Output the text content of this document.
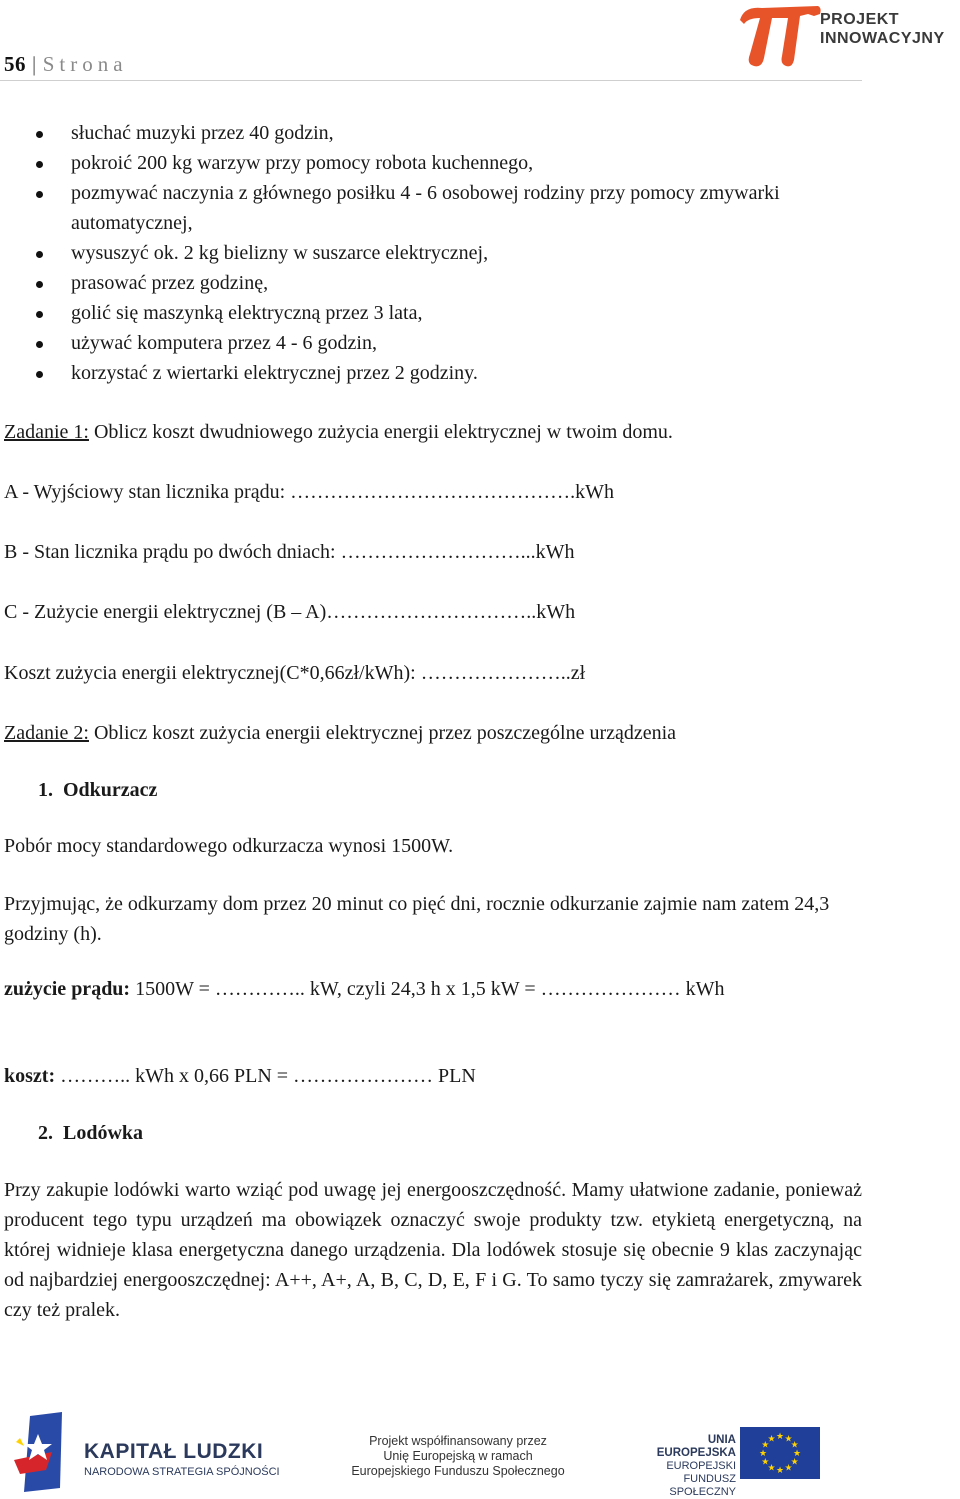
56 | Strona
PROJEKT
INNOWACYJNY
słuchać muzyki przez 40 godzin,
pokroić 200 kg warzyw przy pomocy robota kuchennego,
pozmywać naczynia z głównego posiłku 4 - 6 osobowej rodziny przy pomocy zmywarki automatycznej,
wysuszyć ok. 2 kg bielizny w suszarce elektrycznej,
prasować przez godzinę,
golić się maszynką elektryczną przez 3 lata,
używać komputera przez 4 - 6 godzin,
korzystać z wiertarki elektrycznej przez 2 godziny.
Zadanie 1: Oblicz koszt dwudniowego zużycia energii elektrycznej w twoim domu.
A - Wyjściowy stan licznika prądu: …………………………………….kWh
B - Stan licznika prądu po dwóch dniach: ………………………...kWh
C - Zużycie energii elektrycznej (B – A)…………………………..kWh
Koszt zużycia energii elektrycznej(C*0,66zł/kWh): …………………..zł
Zadanie 2: Oblicz koszt zużycia energii elektrycznej przez poszczególne urządzenia
1. Odkurzacz
Pobór mocy standardowego odkurzacza wynosi 1500W.
Przyjmując, że odkurzamy dom przez 20 minut co pięć dni, rocznie odkurzanie zajmie nam zatem 24,3 godziny (h).
zużycie prądu: 1500W = ………….. kW, czyli 24,3 h x 1,5 kW = ………………… kWh
koszt: ……….. kWh x 0,66 PLN = ………………… PLN
2. Lodówka
Przy zakupie lodówki warto wziąć pod uwagę jej energooszczędność. Mamy ułatwione zadanie, ponieważ producent tego typu urządzeń ma obowiązek oznaczyć swoje produkty tzw. etykietą energetyczną, na której widnieje klasa energetyczna danego urządzenia. Dla lodówek stosuje się obecnie 9 klas zaczynając od najbardziej energooszczędnej: A++, A+, A, B, C, D, E, F i G. To samo tyczy się zamrażarek, zmywarek czy też pralek.
KAPITAŁ LUDZKI
NARODOWA STRATEGIA SPÓJNOŚCI
Projekt współfinansowany przez
Unię Europejską w ramach
Europejskiego Funduszu Społecznego
UNIA EUROPEJSKA
EUROPEJSKI
FUNDUSZ SPOŁECZNY
★
★
★
★
★
★
★
★
★ ★ ★
★
